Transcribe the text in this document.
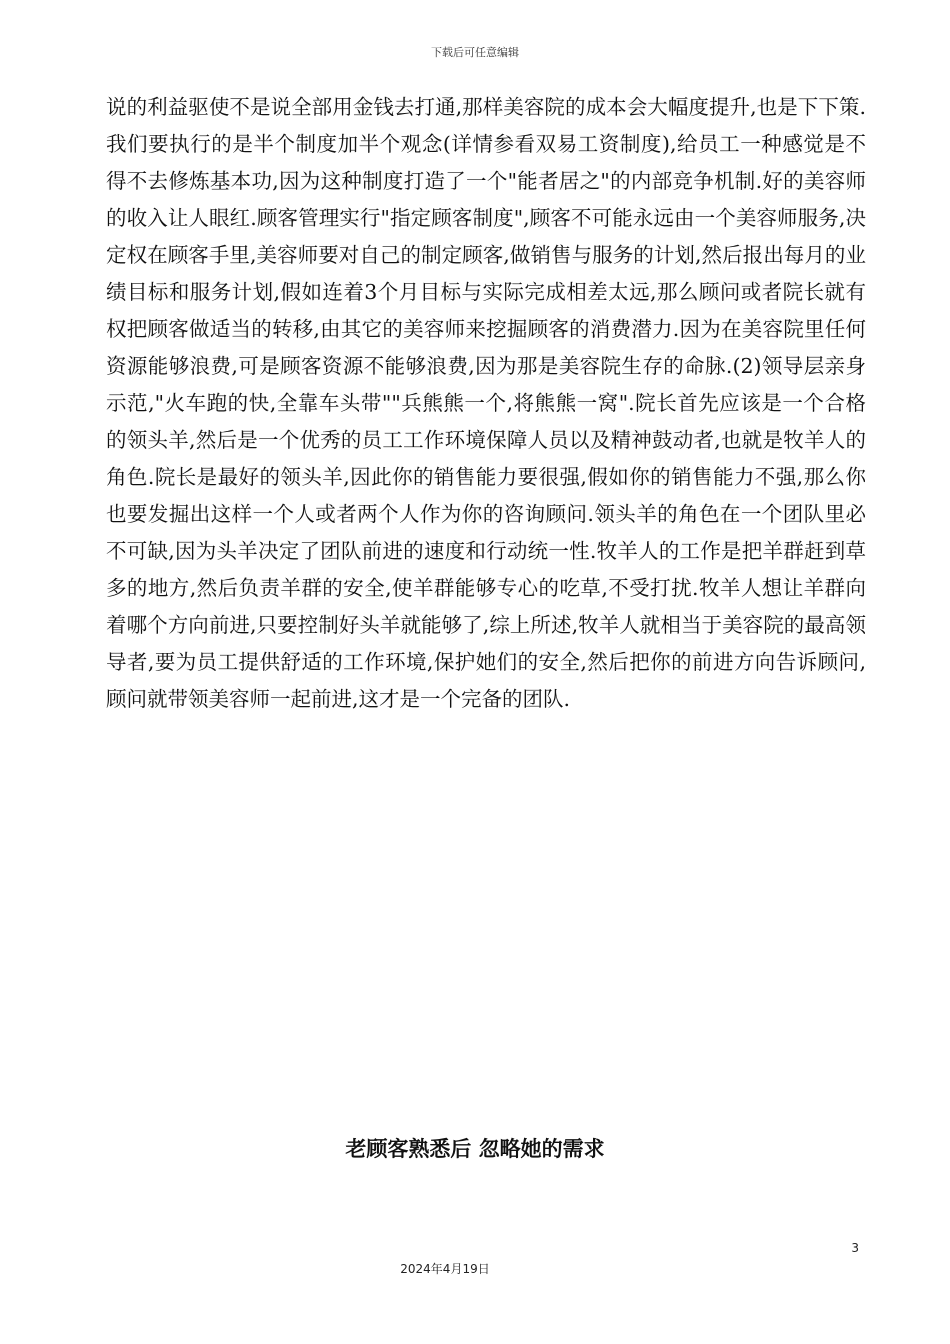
下载后可任意编辑

说的利益驱使不是说全部用金钱去打通,那样美容院的成本会大幅度提升,也是下下策.我们要执行的是半个制度加半个观念(详情参看双易工资制度),给员工一种感觉是不得不去修炼基本功,因为这种制度打造了一个"能者居之"的内部竞争机制.好的美容师的收入让人眼红.顾客管理实行"指定顾客制度",顾客不可能永远由一个美容师服务,决定权在顾客手里,美容师要对自己的制定顾客,做销售与服务的计划,然后报出每月的业绩目标和服务计划,假如连着3个月目标与实际完成相差太远,那么顾问或者院长就有权把顾客做适当的转移,由其它的美容师来挖掘顾客的消费潜力.因为在美容院里任何资源能够浪费,可是顾客资源不能够浪费,因为那是美容院生存的命脉.(2)领导层亲身示范,"火车跑的快,全靠车头带""兵熊熊一个,将熊熊一窝".院长首先应该是一个合格的领头羊,然后是一个优秀的员工工作环境保障人员以及精神鼓动者,也就是牧羊人的角色.院长是最好的领头羊,因此你的销售能力要很强,假如你的销售能力不强,那么你也要发掘出这样一个人或者两个人作为你的咨询顾问.领头羊的角色在一个团队里必不可缺,因为头羊决定了团队前进的速度和行动统一性.牧羊人的工作是把羊群赶到草多的地方,然后负责羊群的安全,使羊群能够专心的吃草,不受打扰.牧羊人想让羊群向着哪个方向前进,只要控制好头羊就能够了,综上所述,牧羊人就相当于美容院的最高领导者,要为员工提供舒适的工作环境,保护她们的安全,然后把你的前进方向告诉顾问,顾问就带领美容师一起前进,这才是一个完备的团队.

老顾客熟悉后 忽略她的需求
3
2024年4月19日
